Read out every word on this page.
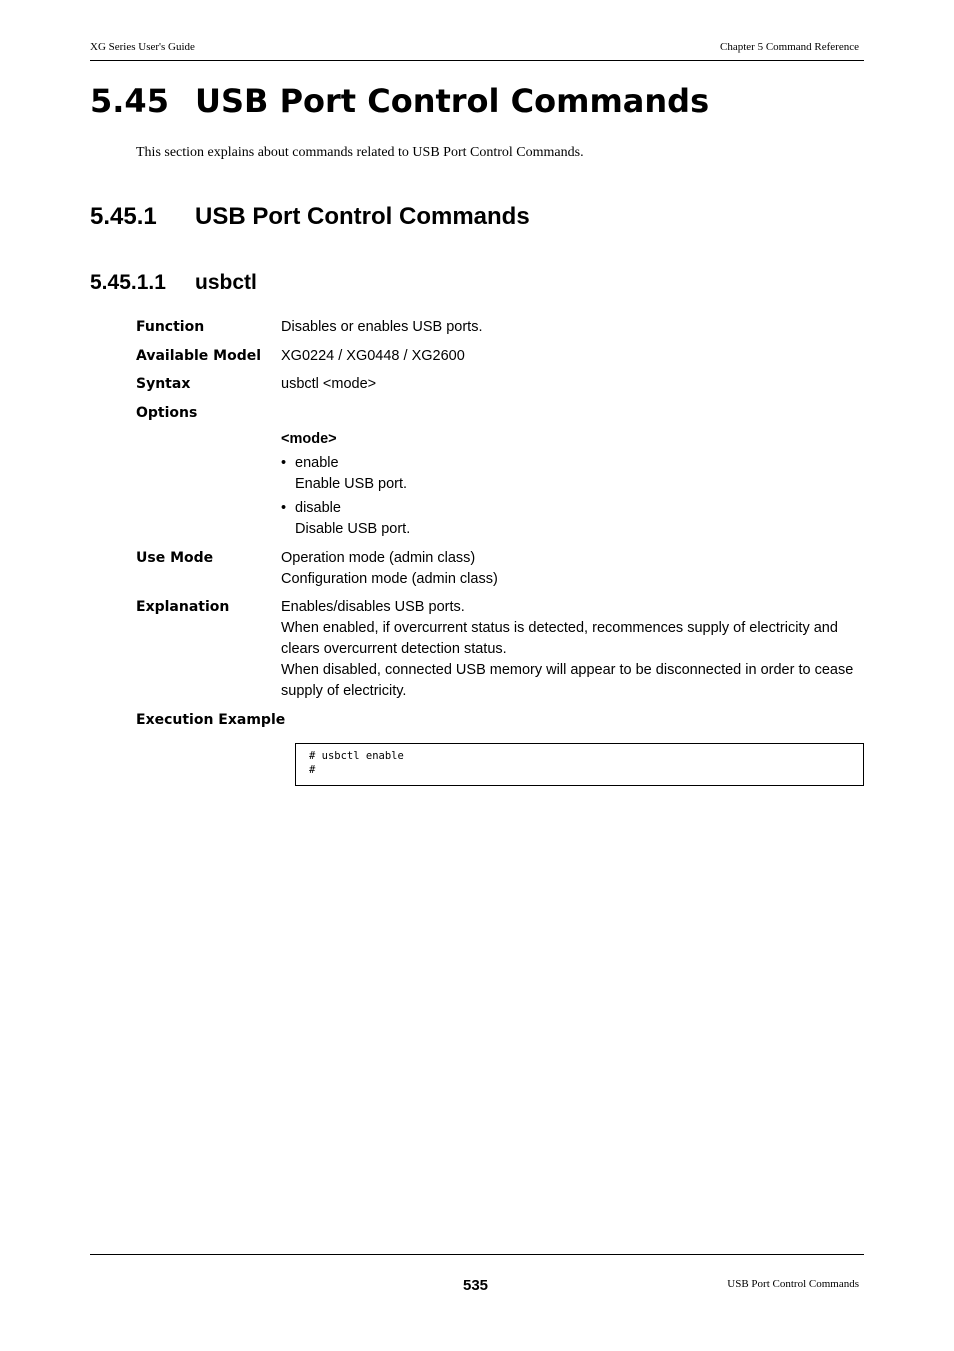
XG Series User's Guide	Chapter 5 Command Reference
5.45 USB Port Control Commands
This section explains about commands related to USB Port Control Commands.
5.45.1 USB Port Control Commands
5.45.1.1 usbctl
Function	Disables or enables USB ports.
Available Model XG0224 / XG0448 / XG2600
Syntax	usbctl <mode>
Options
<mode>
• enable
Enable USB port.
• disable
Disable USB port.
Use Mode	Operation mode (admin class)
Configuration mode (admin class)
Explanation	Enables/disables USB ports.
When enabled, if overcurrent status is detected, recommences supply of electricity and
clears overcurrent detection status.
When disabled, connected USB memory will appear to be disconnected in order to cease
supply of electricity.
Execution Example
# usbctl enable
#
535	USB Port Control Commands
